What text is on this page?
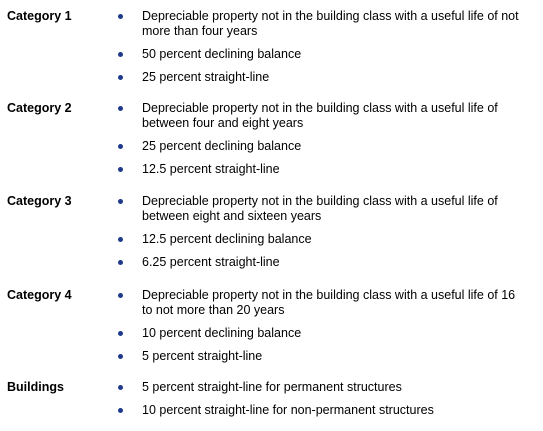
Category 1	Depreciable property not in the building class with a useful life of not more than four years
50 percent declining balance
25 percent straight-line
Category 2	Depreciable property not in the building class with a useful life of between four and eight years
25 percent declining balance
12.5 percent straight-line
Category 3	Depreciable property not in the building class with a useful life of between eight and sixteen years
12.5 percent declining balance
6.25 percent straight-line
Category 4	Depreciable property not in the building class with a useful life of 16 to not more than 20 years
10 percent declining balance
5 percent straight-line
Buildings	5 percent straight-line for permanent structures
10 percent straight-line for non-permanent structures
